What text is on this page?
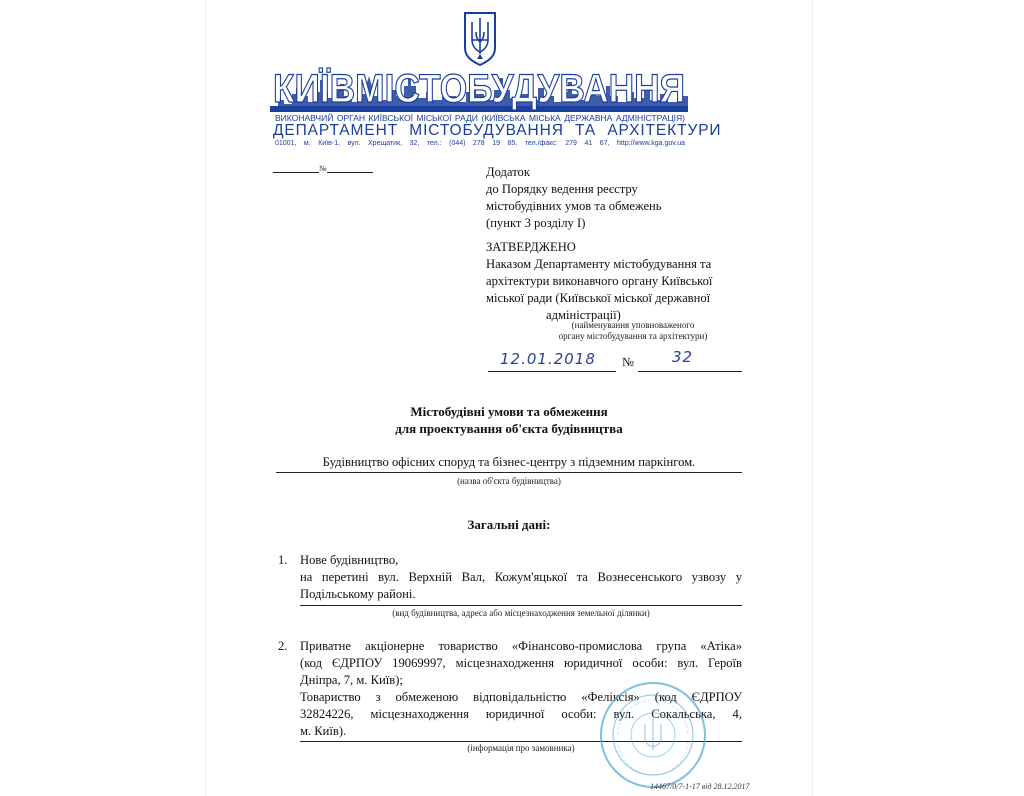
КИЇВМІСТОБУДУВАННЯ
ВИКОНАВЧИЙ ОРГАН КИЇВСЬКОЇ МІСЬКОЇ РАДИ (КИЇВСЬКА МІСЬКА ДЕРЖАВНА АДМІНІСТРАЦІЯ)
ДЕПАРТАМЕНТ МІСТОБУДУВАННЯ ТА АРХІТЕКТУРИ
01001, м. Київ-1, вул. Хрещатик, 32, тел.: (044) 278 19 85, тел./факс: 279 41 67, http://www.kga.gov.ua
№	Додаток
до Порядку ведення реєстру
містобудівних умов та обмежень
(пункт 3 розділу І)
ЗАТВЕРДЖЕНО
Наказом Департаменту містобудування та
архітектури виконавчого органу Київської
міської ради (Київської міської державної
адміністрації)
(найменування уповноваженого
органу містобудування та архітектури)
12.01.2018 №	32
Містобудівні умови та обмеження
для проектування об'єкта будівництва
Будівництво офісних споруд та бізнес-центру з підземним паркінгом.
(назва об'єкта будівництва)
Загальні дані:
1. Нове будівництво,
на перетині вул. Верхній Вал, Кожум'яцької та Вознесенського узвозу у
Подільському районі.
(вид будівництва, адреса або місцезнаходження земельної ділянки)
2. Приватне акціонерне товариство «Фінансово-промислова група «Атіка»
(код ЄДРПОУ 19069997, місцезнаходження юридичної особи: вул. Героїв
Дніпра, 7, м. Київ);
Товариство з обмеженою відповідальністю «Феліксія» (код ЄДРПОУ
32824226, місцезнаходження юридичної особи: вул. Сокальська, 4,
м. Київ).
(інформація про замовника)
14467/0/7-1-17 від 28.12.2017
